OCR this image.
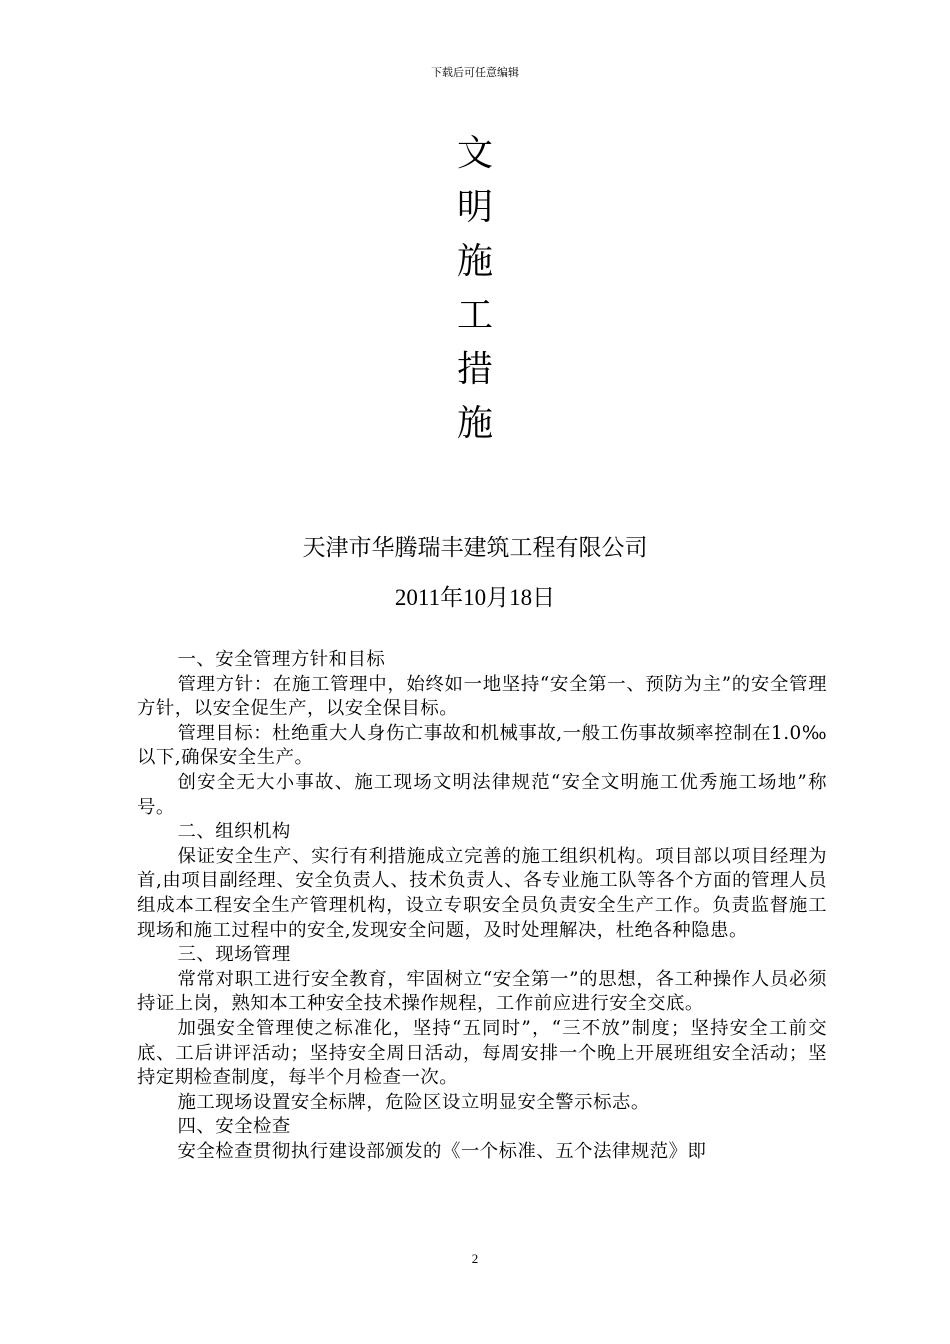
下载后可任意编辑
文
明
施
工
措
施
天津市华腾瑞丰建筑工程有限公司
2011年10月18日

一、安全管理方针和目标

管理方针：在施工管理中，始终如一地坚持“安全第一、预防为主”的安全管理方针，以安全促生产，以安全保目标。

管理目标：杜绝重大人身伤亡事故和机械事故,一般工伤事故频率控制在1.0‰以下,确保安全生产。

创安全无大小事故、施工现场文明法律规范“安全文明施工优秀施工场地”称号。

二、组织机构

保证安全生产、实行有利措施成立完善的施工组织机构。项目部以项目经理为首,由项目副经理、安全负责人、技术负责人、各专业施工队等各个方面的管理人员组成本工程安全生产管理机构，设立专职安全员负责安全生产工作。负责监督施工现场和施工过程中的安全,发现安全问题，及时处理解决，杜绝各种隐患。

三、现场管理

常常对职工进行安全教育，牢固树立“安全第一”的思想，各工种操作人员必须持证上岗，熟知本工种安全技术操作规程，工作前应进行安全交底。

加强安全管理使之标准化，坚持“五同时”，“三不放”制度；坚持安全工前交底、工后讲评活动；坚持安全周日活动，每周安排一个晚上开展班组安全活动；坚持定期检查制度，每半个月检查一次。

施工现场设置安全标牌，危险区设立明显安全警示标志。

四、安全检查

安全检查贯彻执行建设部颁发的《一个标准、五个法律规范》即

2
